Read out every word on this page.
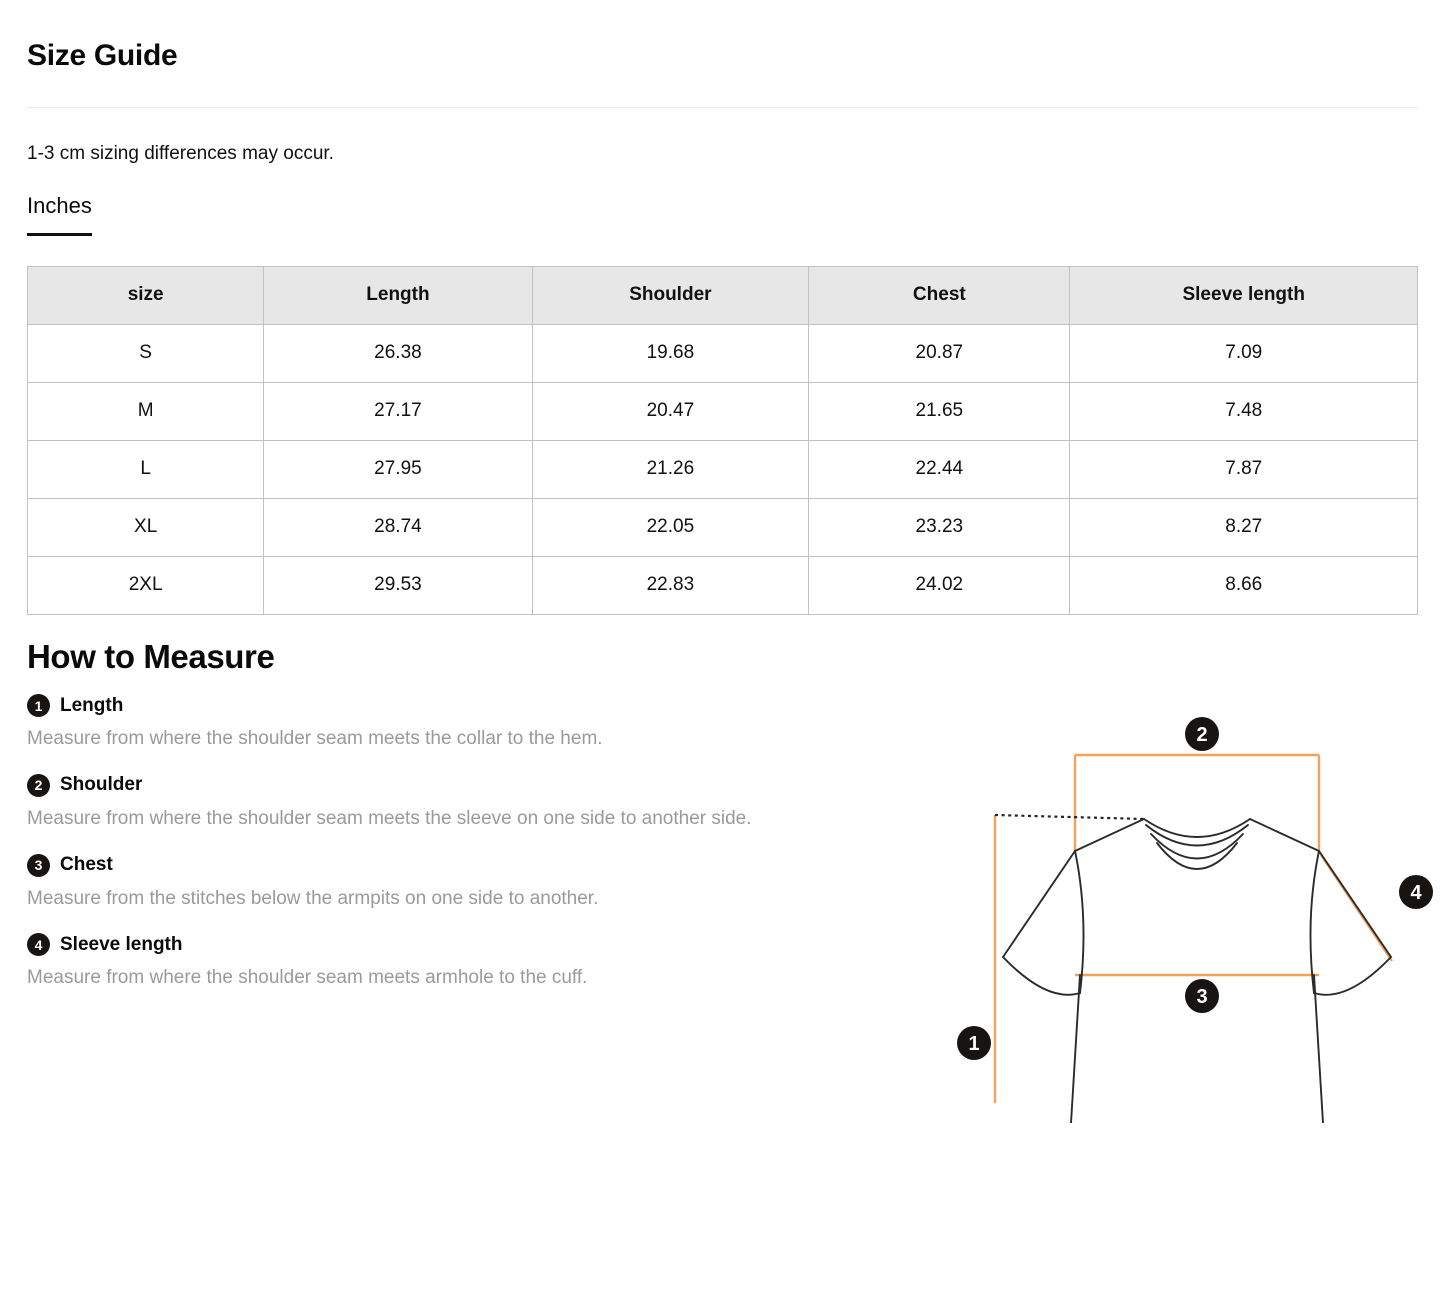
Size Guide

1-3 cm sizing differences may occur.

Inches
size	Length	Shoulder	Chest	Sleeve length
S	26.38	19.68	20.87	7.09
M	27.17	20.47	21.65	7.48
L	27.95	21.26	22.44	7.87
XL	28.74	22.05	23.23	8.27
2XL	29.53	22.83	24.02	8.66
How to Measure
1 Length

Measure from where the shoulder seam meets the collar to the hem.

2 Shoulder

Measure from where the shoulder seam meets the sleeve on one side to another side.

3 Chest

Measure from the stitches below the armpits on one side to another.

4 Sleeve length

Measure from where the shoulder seam meets armhole to the cuff.

1
2
3
4
